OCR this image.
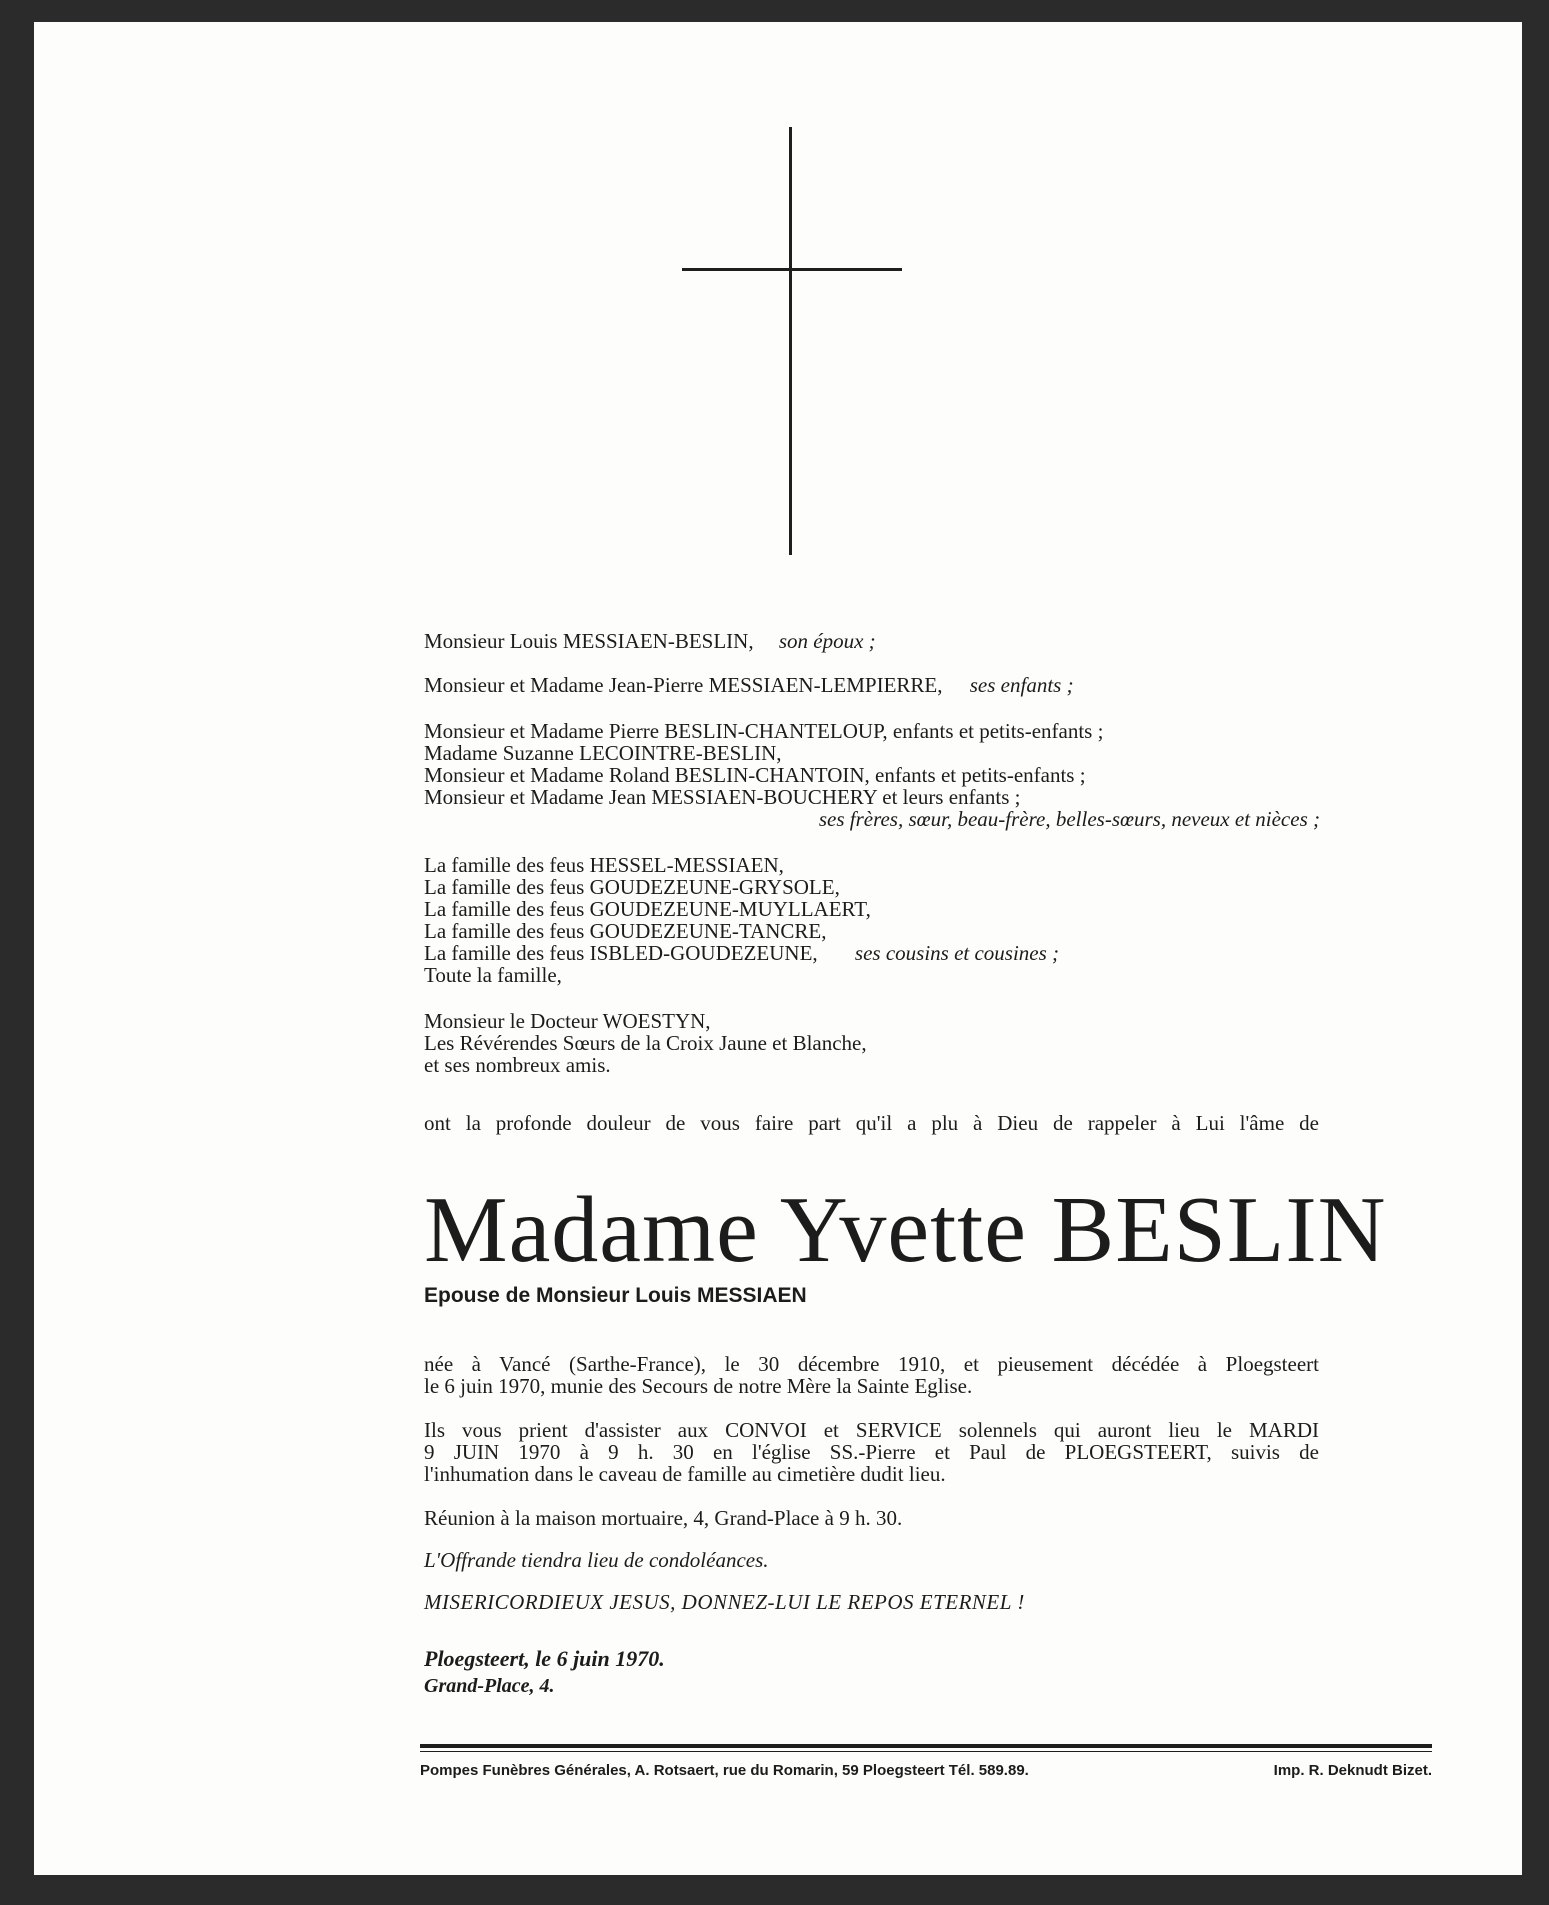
Monsieur Louis MESSIAEN-BESLIN, son époux ;
Monsieur et Madame Jean-Pierre MESSIAEN-LEMPIERRE, ses enfants ;
Monsieur et Madame Pierre BESLIN-CHANTELOUP, enfants et petits-enfants ;
Madame Suzanne LECOINTRE-BESLIN,
Monsieur et Madame Roland BESLIN-CHANTOIN, enfants et petits-enfants ;
Monsieur et Madame Jean MESSIAEN-BOUCHERY et leurs enfants ;
ses frères, sœur, beau-frère, belles-sœurs, neveux et nièces ;
La famille des feus HESSEL-MESSIAEN,
La famille des feus GOUDEZEUNE-GRYSOLE,
La famille des feus GOUDEZEUNE-MUYLLAERT,
La famille des feus GOUDEZEUNE-TANCRE,
La famille des feus ISBLED-GOUDEZEUNE, ses cousins et cousines ;
Toute la famille,
Monsieur le Docteur WOESTYN,
Les Révérendes Sœurs de la Croix Jaune et Blanche,
et ses nombreux amis.
ont la profonde douleur de vous faire part qu'il a plu à Dieu de rappeler à Lui l'âme de
Madame Yvette BESLIN
Epouse de Monsieur Louis MESSIAEN
née à Vancé (Sarthe-France), le 30 décembre 1910, et pieusement décédée à Ploegsteert
le 6 juin 1970, munie des Secours de notre Mère la Sainte Eglise.
Ils vous prient d'assister aux CONVOI et SERVICE solennels qui auront lieu le MARDI
9 JUIN 1970 à 9 h. 30 en l'église SS.-Pierre et Paul de PLOEGSTEERT, suivis de
l'inhumation dans le caveau de famille au cimetière dudit lieu.
Réunion à la maison mortuaire, 4, Grand-Place à 9 h. 30.
L'Offrande tiendra lieu de condoléances.
MISERICORDIEUX JESUS, DONNEZ-LUI LE REPOS ETERNEL !
Ploegsteert, le 6 juin 1970.
Grand-Place, 4.
Pompes Funèbres Générales, A. Rotsaert, rue du Romarin, 59 Ploegsteert Tél. 589.89.	Imp. R. Deknudt Bizet.
